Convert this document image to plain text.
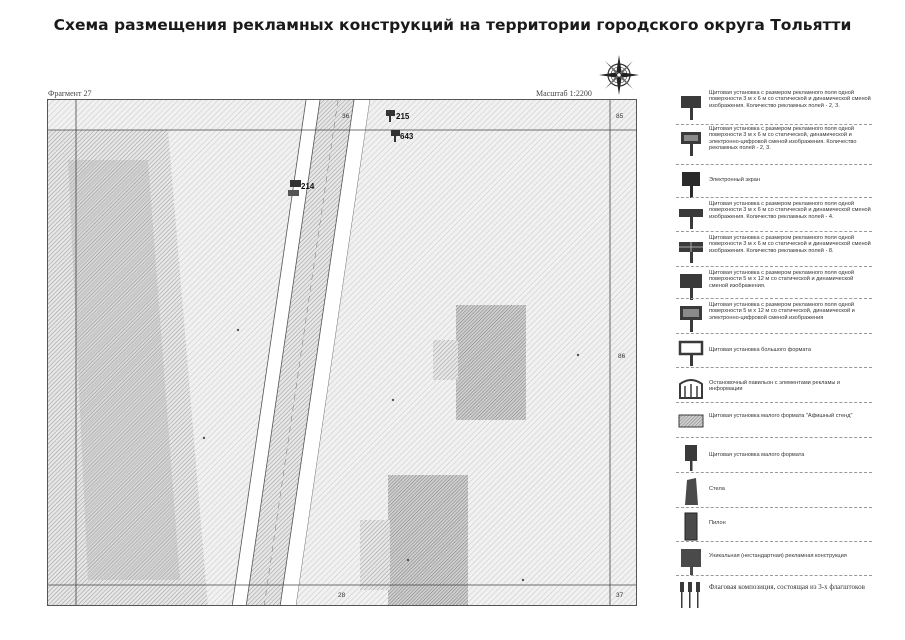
Схема размещения рекламных конструкций на территории городского округа Тольятти
Фрагмент 27	Масштаб 1:2200
36	85
86
28	37
215
643
214
Щитовая установка с размером рекламного поля одной поверхности 3 м х 6 м со статической и динамической сменой изображения. Количество рекламных полей - 2, 3.
Щитовая установка с размером рекламного поля одной поверхности 3 м х 6 м со статической, динамической и электронно-цифровой сменой изображения. Количество рекламных полей - 2, 3.
Электронный экран
Щитовая установка с размером рекламного поля одной поверхности 3 м х 6 м со статической и динамической сменой изображения. Количество рекламных полей - 4.
Щитовая установка с размером рекламного поля одной поверхности 3 м х 6 м со статической и динамической сменой изображения. Количество рекламных полей - 8.
Щитовая установка с размером рекламного поля одной поверхности 5 м х 12 м со статической и динамической сменой изображения.
Щитовая установка с размером рекламного поля одной поверхности 5 м х 12 м со статической, динамической и электронно-цифровой сменой изображения
Щитовая установка большого формата
Остановочный павильон с элементами рекламы и информации
Щитовая установка малого формата "Афишный стенд"
Щитовая установка малого формата
Стела
Пилон
Уникальная (нестандартная) рекламная конструкция
Флаговая композиция, состоящая из 3-х флагштоков
